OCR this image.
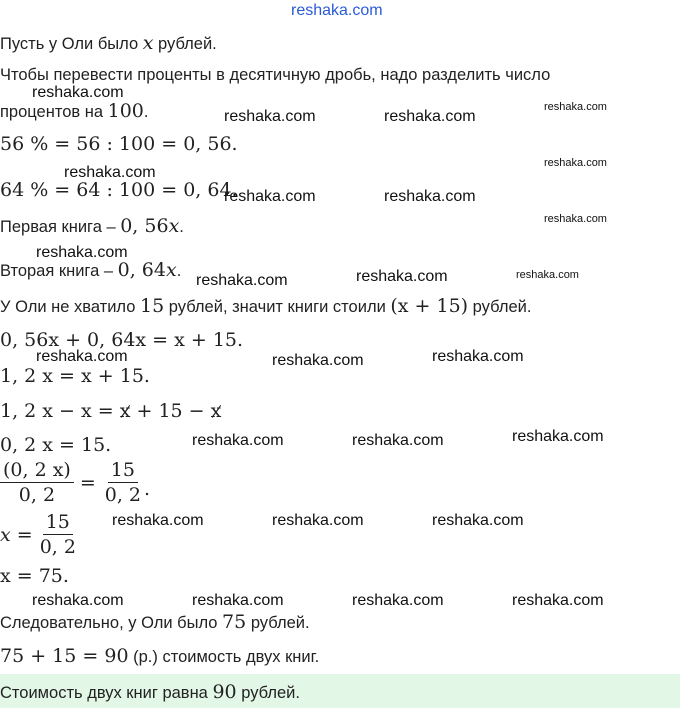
reshaka.com
Пусть у Оли было x рублей.
Чтобы перевести проценты в десятичную дробь, надо разделить число
процентов на 100.
56 % = 56 : 100 = 0, 56.
64 % = 64 : 100 = 0, 64.
Первая книга – 0, 56x.
Вторая книга – 0, 64x.
У Оли не хватило 15 рублей, значит книги стоили (x + 15) рублей.
0, 56x + 0, 64x = x + 15.
1, 2 x = x + 15.
1, 2 x − x = x + 15 − x
0, 2 x = 15.
$\frac{(0, 2 x)}{0, 2} = \frac{15}{0, 2}$ .
$x = \frac{15}{0, 2}$
x = 75.
Следовательно, у Оли было 75 рублей.
75 + 15 = 90 (р.) стоимость двух книг.
Стоимость двух книг равна 90 рублей.
reshaka.com
reshaka.com	reshaka.com
reshaka.com
reshaka.com
reshaka.com
reshaka.com	reshaka.com
reshaka.com
reshaka.com
reshaka.com	reshaka.com	reshaka.com
reshaka.com	reshaka.com	reshaka.com
reshaka.com	reshaka.com	reshaka.com
reshaka.com	reshaka.com	reshaka.com
reshaka.com	reshaka.com	reshaka.com	reshaka.com
